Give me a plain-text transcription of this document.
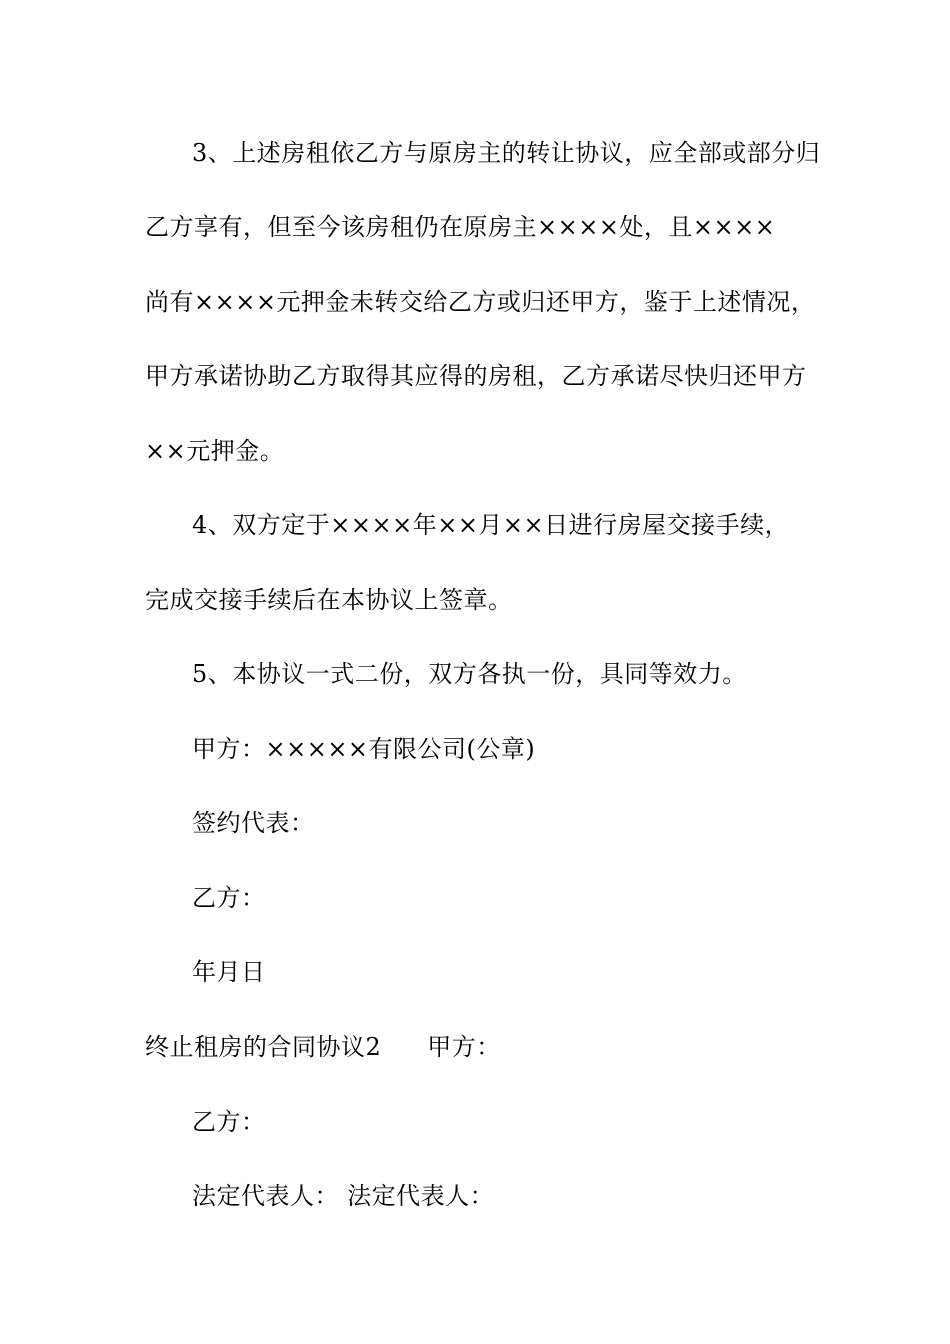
3、上述房租依乙方与原房主的转让协议，应全部或部分归
乙方享有，但至今该房租仍在原房主××××处，且××××
尚有××××元押金未转交给乙方或归还甲方，鉴于上述情况，
甲方承诺协助乙方取得其应得的房租，乙方承诺尽快归还甲方
××元押金。
4、双方定于××××年××月××日进行房屋交接手续，
完成交接手续后在本协议上签章。
5、本协议一式二份，双方各执一份，具同等效力。
甲方：×××××有限公司(公章)
签约代表：
乙方：
年月日
终止租房的合同协议2 甲方：
乙方：
法定代表人： 法定代表人：
